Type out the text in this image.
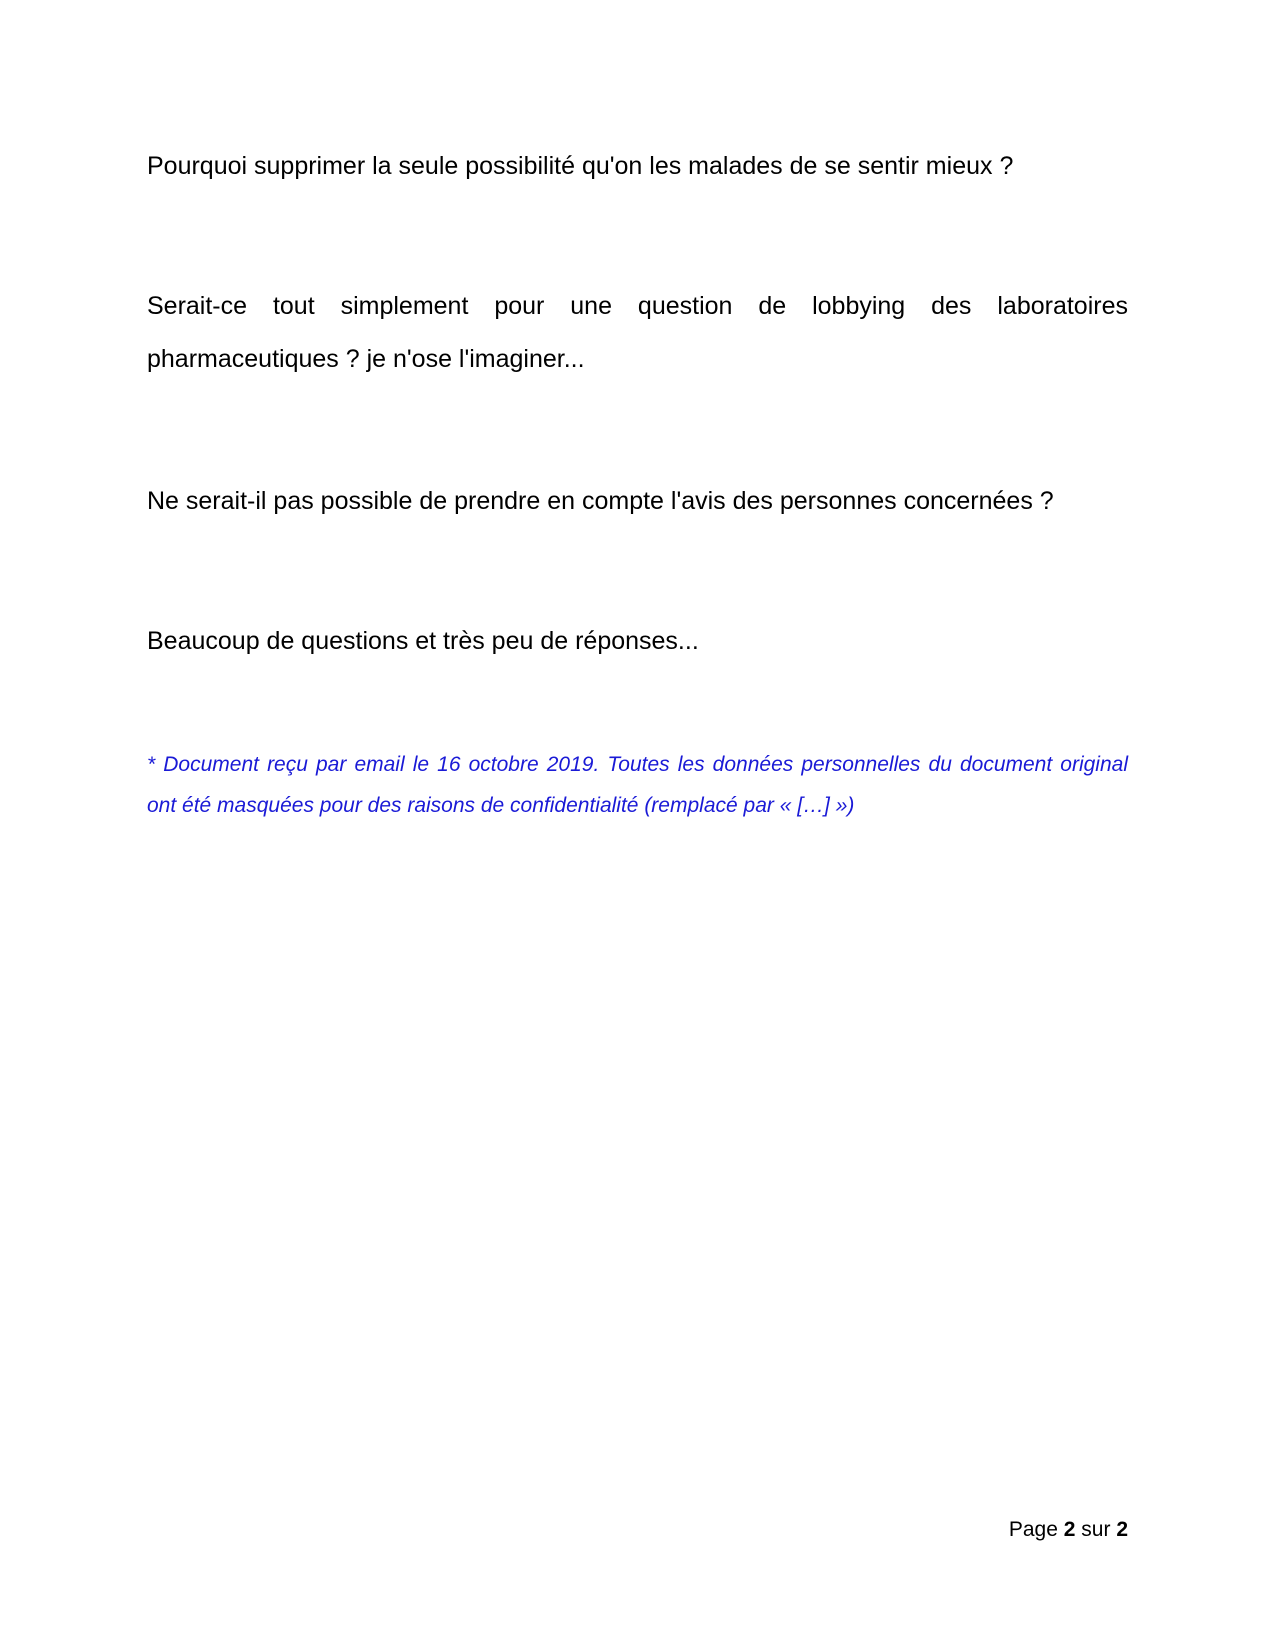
Pourquoi supprimer la seule possibilité qu'on les malades de se sentir mieux ?

Serait-ce tout simplement pour une question de lobbying des laboratoires pharmaceutiques ? je n'ose l'imaginer...

Ne serait-il pas possible de prendre en compte l'avis des personnes concernées ?

Beaucoup de questions et très peu de réponses...

* Document reçu par email le 16 octobre 2019. Toutes les données personnelles du document original ont été masquées pour des raisons de confidentialité (remplacé par « […] »)

Page 2 sur 2
